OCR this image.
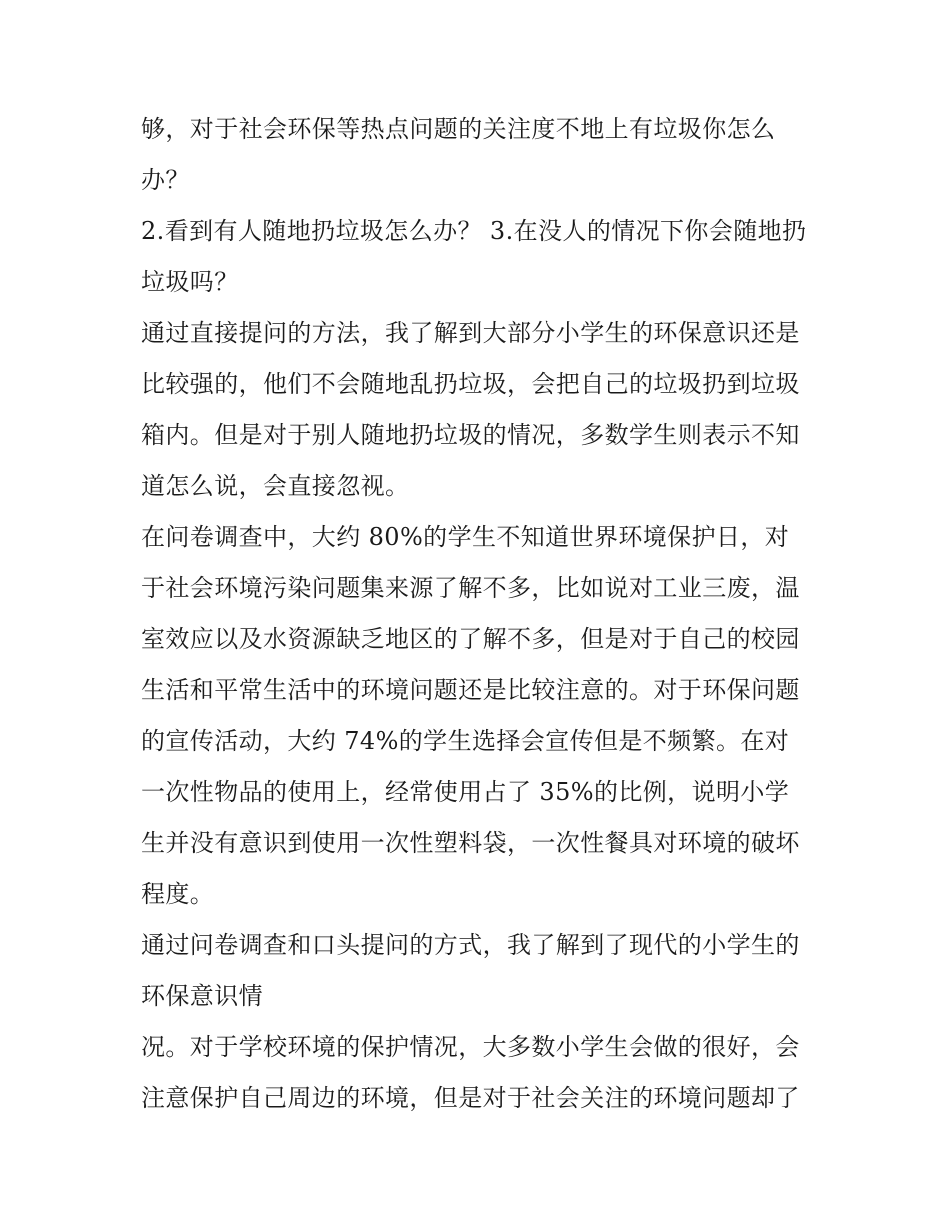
够，对于社会环保等热点问题的关注度不地上有垃圾你怎么
办？
2.看到有人随地扔垃圾怎么办？ 3.在没人的情况下你会随地扔
垃圾吗？
通过直接提问的方法，我了解到大部分小学生的环保意识还是
比较强的，他们不会随地乱扔垃圾，会把自己的垃圾扔到垃圾
箱内。但是对于别人随地扔垃圾的情况，多数学生则表示不知
道怎么说，会直接忽视。
在问卷调查中，大约 80%的学生不知道世界环境保护日，对
于社会环境污染问题集来源了解不多，比如说对工业三废，温
室效应以及水资源缺乏地区的了解不多，但是对于自己的校园
生活和平常生活中的环境问题还是比较注意的。对于环保问题
的宣传活动，大约 74%的学生选择会宣传但是不频繁。在对
一次性物品的使用上，经常使用占了 35%的比例，说明小学
生并没有意识到使用一次性塑料袋，一次性餐具对环境的破坏
程度。
通过问卷调查和口头提问的方式，我了解到了现代的小学生的
环保意识情
况。对于学校环境的保护情况，大多数小学生会做的很好，会
注意保护自己周边的环境，但是对于社会关注的环境问题却了
